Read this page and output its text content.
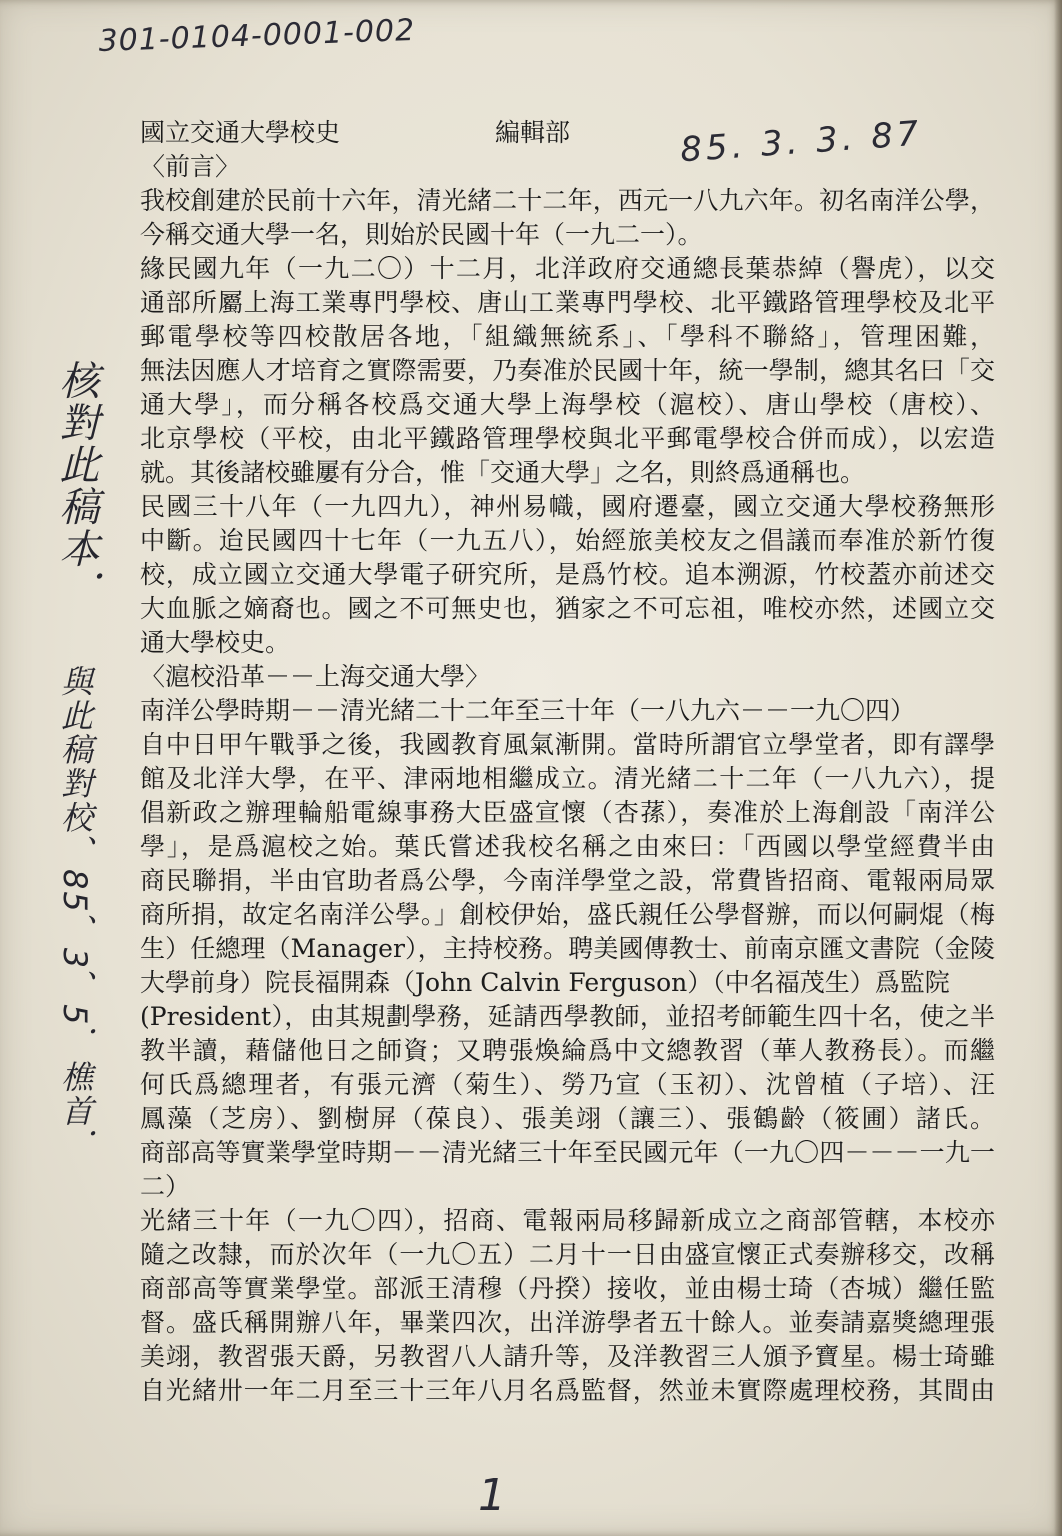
301-0104-0001-002
85. 3. 3. 87
核對此稿本．
與此稿對校、85、3、5．樵首．
國立交通大學校史	編輯部
〈前言〉
我校創建於民前十六年，清光緒二十二年，西元一八九六年。初名南洋公學，
今稱交通大學一名，則始於民國十年（一九二一）。
緣民國九年（一九二〇）十二月，北洋政府交通總長葉恭綽（譽虎），以交
通部所屬上海工業專門學校、唐山工業專門學校、北平鐵路管理學校及北平
郵電學校等四校散居各地，「組織無統系」、「學科不聯絡」，管理困難，
無法因應人才培育之實際需要，乃奏准於民國十年，統一學制，總其名曰「交
通大學」，而分稱各校爲交通大學上海學校（滬校）、唐山學校（唐校）、
北京學校（平校，由北平鐵路管理學校與北平郵電學校合併而成），以宏造
就。其後諸校雖屢有分合，惟「交通大學」之名，則終爲通稱也。
民國三十八年（一九四九），神州易幟，國府遷臺，國立交通大學校務無形
中斷。迨民國四十七年（一九五八），始經旅美校友之倡議而奉准於新竹復
校，成立國立交通大學電子研究所，是爲竹校。追本溯源，竹校蓋亦前述交
大血脈之嫡裔也。國之不可無史也，猶家之不可忘祖，唯校亦然，述國立交
通大學校史。
〈滬校沿革－－上海交通大學〉
南洋公學時期－－清光緒二十二年至三十年（一八九六－－一九〇四）
自中日甲午戰爭之後，我國教育風氣漸開。當時所謂官立學堂者，即有譯學
館及北洋大學，在平、津兩地相繼成立。清光緒二十二年（一八九六），提
倡新政之辦理輪船電線事務大臣盛宣懷（杏蓀），奏准於上海創設「南洋公
學」，是爲滬校之始。葉氏嘗述我校名稱之由來曰：「西國以學堂經費半由
商民聯捐，半由官助者爲公學，今南洋學堂之設，常費皆招商、電報兩局眾
商所捐，故定名南洋公學。」創校伊始，盛氏親任公學督辦，而以何嗣焜（梅
生）任總理（Manager），主持校務。聘美國傳教士、前南京匯文書院（金陵
大學前身）院長福開森（John Calvin Ferguson）（中名福茂生）爲監院
(President），由其規劃學務，延請西學教師，並招考師範生四十名，使之半
教半讀，藉儲他日之師資；又聘張煥綸爲中文總教習（華人教務長）。而繼
何氏爲總理者，有張元濟（菊生）、勞乃宣（玉初）、沈曾植（子培）、汪
鳳藻（芝房）、劉樹屏（葆良）、張美翊（讓三）、張鶴齡（筱圃）諸氏。
商部高等實業學堂時期－－清光緒三十年至民國元年（一九〇四－－－一九一
二）
光緒三十年（一九〇四），招商、電報兩局移歸新成立之商部管轄，本校亦
隨之改隸，而於次年（一九〇五）二月十一日由盛宣懷正式奏辦移交，改稱
商部高等實業學堂。部派王清穆（丹揆）接收，並由楊士琦（杏城）繼任監
督。盛氏稱開辦八年，畢業四次，出洋游學者五十餘人。並奏請嘉獎總理張
美翊，教習張天爵，另教習八人請升等，及洋教習三人頒予寶星。楊士琦雖
自光緒卅一年二月至三十三年八月名爲監督，然並未實際處理校務，其間由
1
